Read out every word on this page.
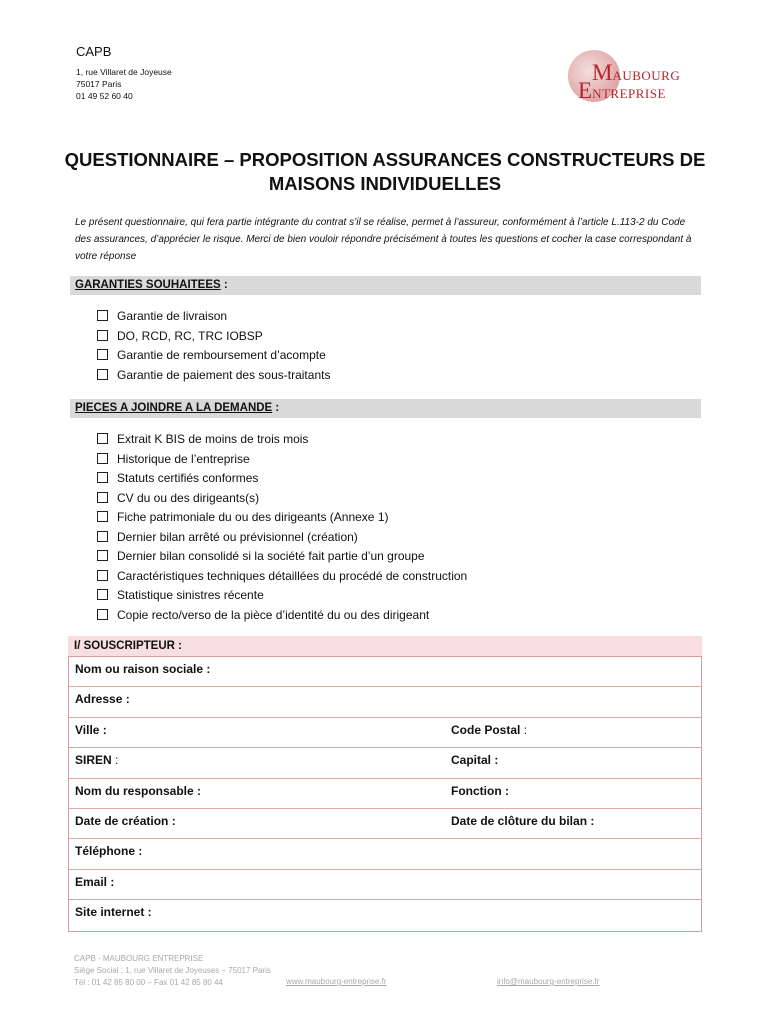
CAPB
1, rue Villaret de Joyeuse
75017 Paris
01 49 52 60 40
MAUBOURG
ENTREPRISE
QUESTIONNAIRE – PROPOSITION ASSURANCES CONSTRUCTEURS DE
MAISONS INDIVIDUELLES
Le présent questionnaire, qui fera partie intégrante du contrat s’il se réalise, permet à l’assureur, conformément à l’article L.113-2 du Code des assurances, d’apprécier le risque. Merci de bien vouloir répondre précisément à toutes les questions et cocher la case correspondant à votre réponse
GARANTIES SOUHAITEES :
Garantie de livraison
DO, RCD, RC, TRC IOBSP
Garantie de remboursement d’acompte
Garantie de paiement des sous-traitants
PIECES A JOINDRE A LA DEMANDE :
Extrait K BIS de moins de trois mois
Historique de l’entreprise
Statuts certifiés conformes
CV du ou des dirigeants(s)
Fiche patrimoniale du ou des dirigeants (Annexe 1)
Dernier bilan arrêté ou prévisionnel (création)
Dernier bilan consolidé si la société fait partie d’un groupe
Caractéristiques techniques détaillées du procédé de construction
Statistique sinistres récente
Copie recto/verso de la pièce d’identité du ou des dirigeant
I/ SOUSCRIPTEUR :
Nom ou raison sociale :
Adresse :
Ville :	Code Postal :
SIREN :	Capital :
Nom du responsable :	Fonction :
Date de création :	Date de clôture du bilan :
Téléphone :
Email :
Site internet :
CAPB - MAUBOURG ENTREPRISE
Siège Social : 1, rue Villaret de Joyeuses – 75017 Paris
Tél : 01 42 85 80 00 – Fax 01 42 85 80 44	www.maubourg-entreprise.fr	info@maubourg-entreprise.fr
